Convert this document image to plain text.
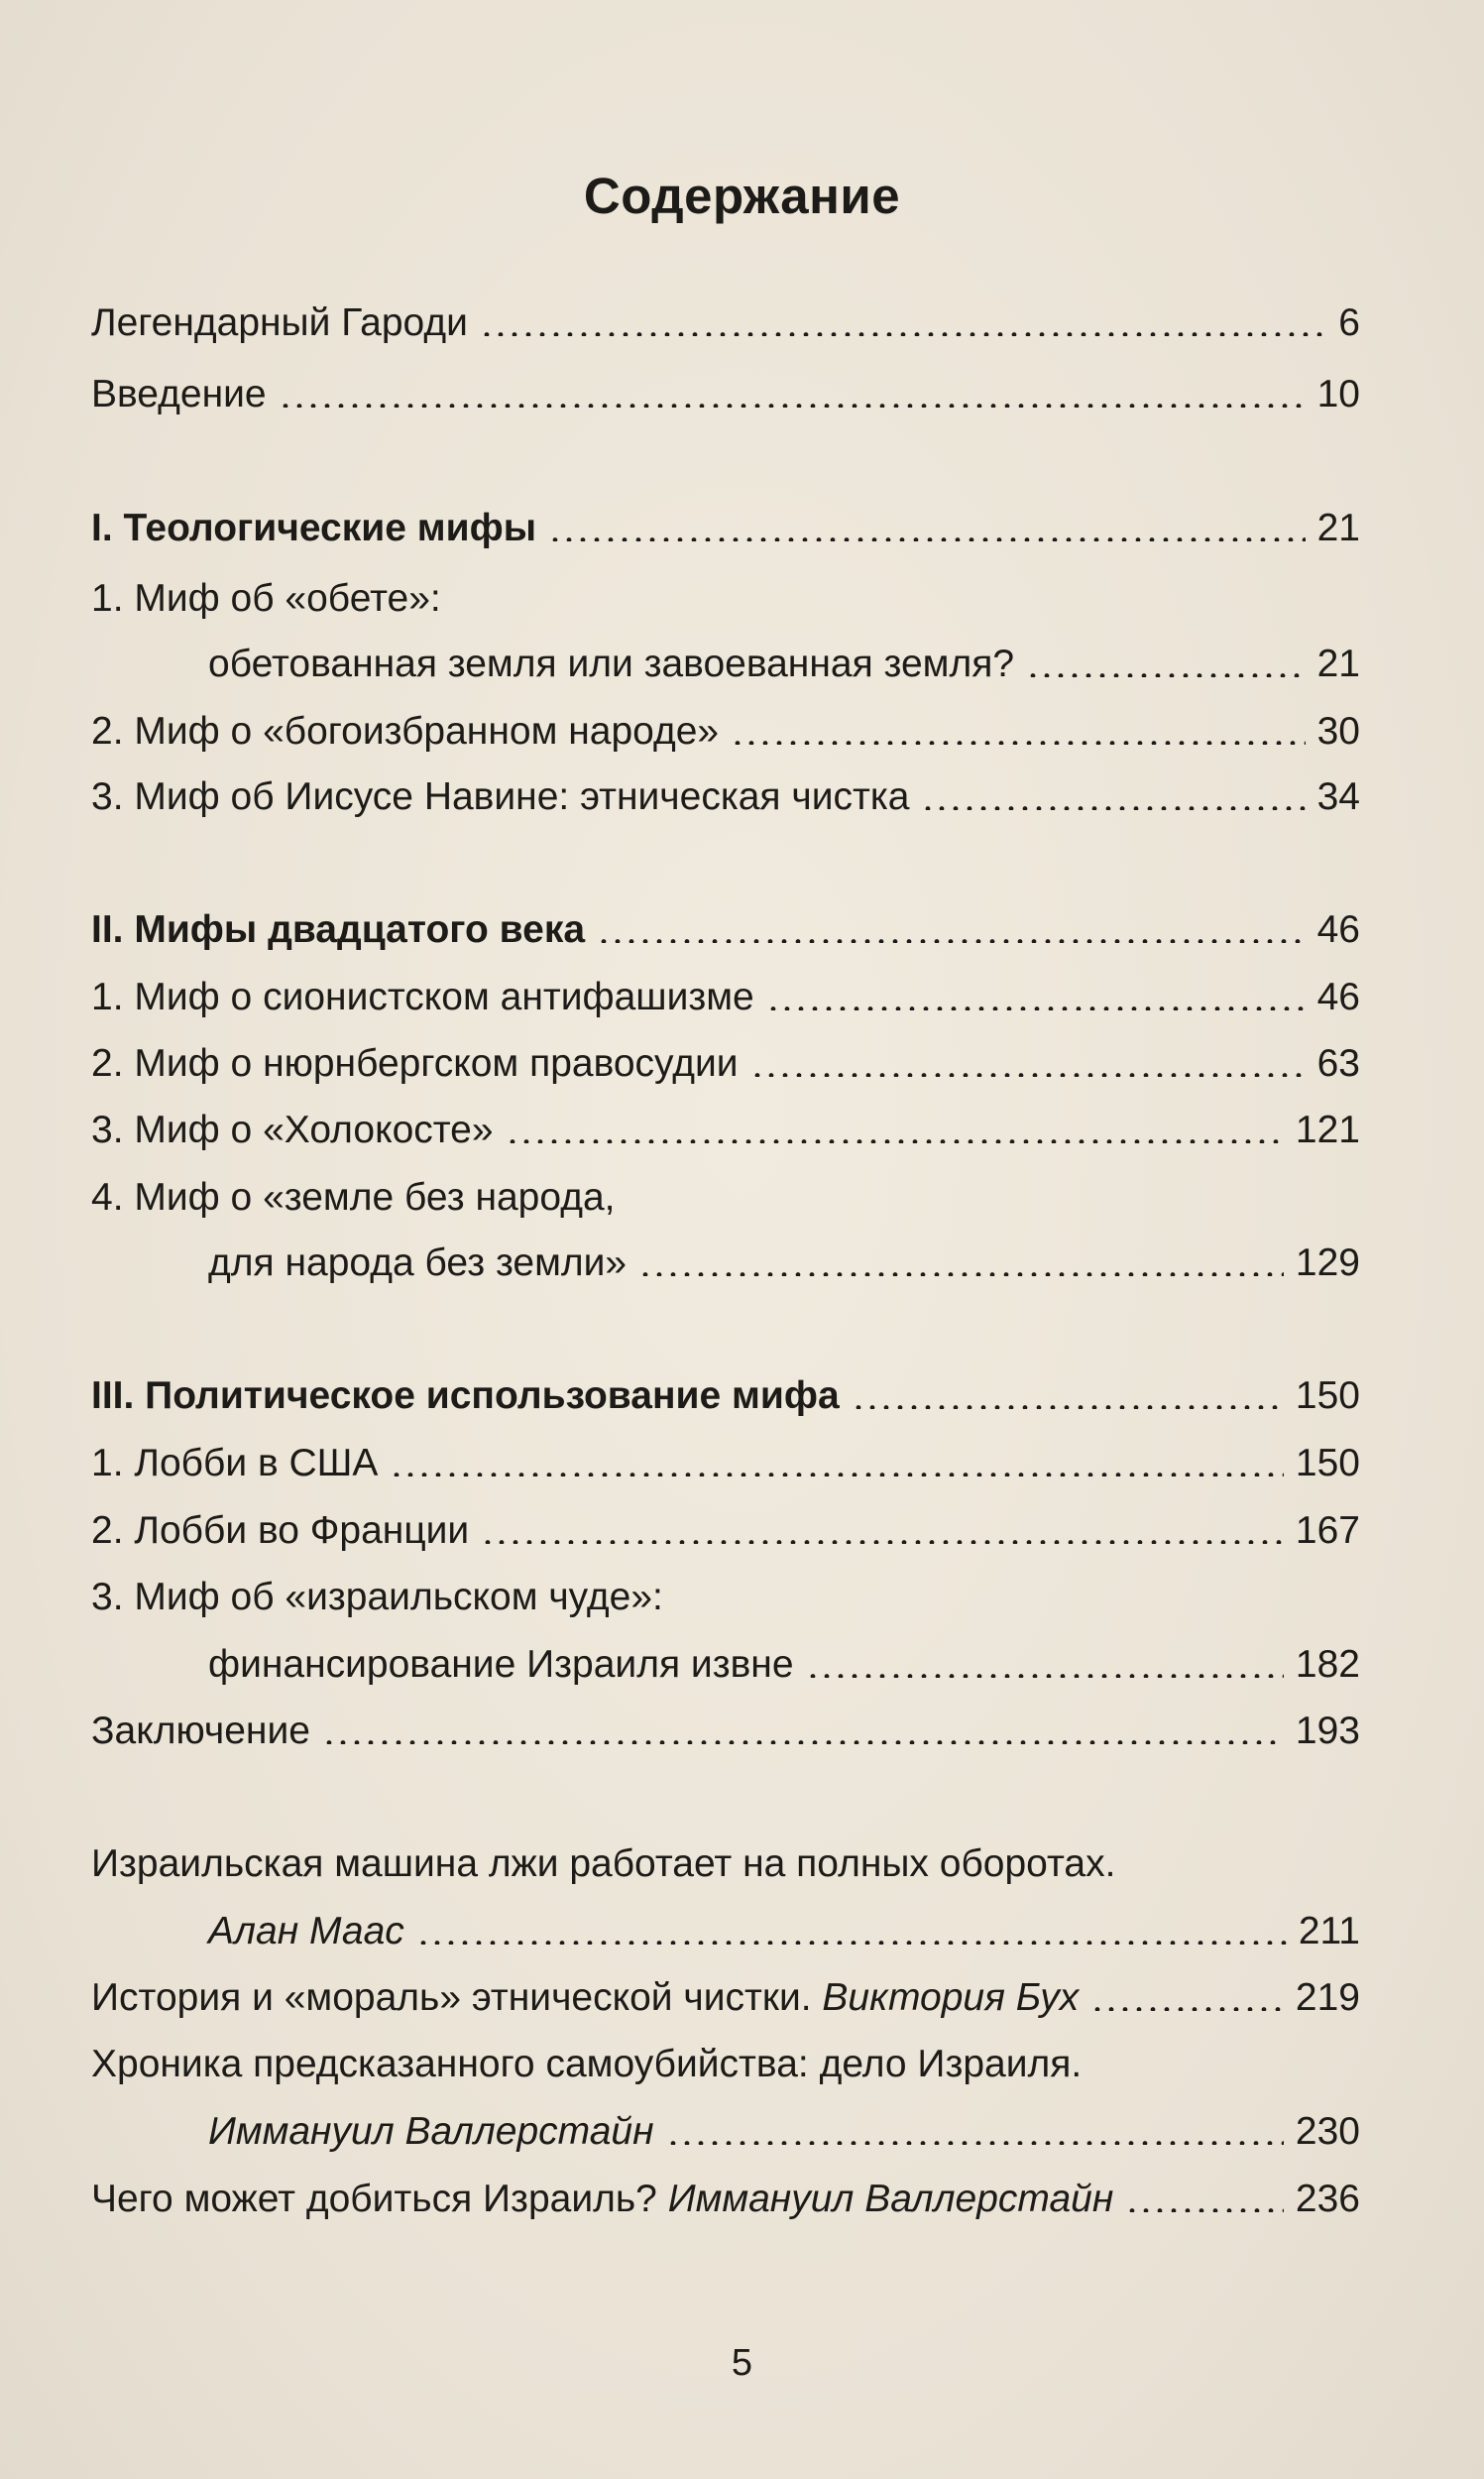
Содержание
Легендарный Гароди	6
Введение	10
I. Теологические мифы	21
1. Миф об «обете»:
обетованная земля или завоеванная земля?	21
2. Миф о «богоизбранном народе»	30
3. Миф об Иисусе Навине: этническая чистка	34
II. Мифы двадцатого века	46
1. Миф о сионистском антифашизме	46
2. Миф о нюрнбергском правосудии	63
3. Миф о «Холокосте»	121
4. Миф о «земле без народа,
для народа без земли»	129
III. Политическое использование мифа	150
1. Лобби в США	150
2. Лобби во Франции	167
3. Миф об «израильском чуде»:
финансирование Израиля извне	182
Заключение	193
Израильская машина лжи работает на полных оборотах.
Алан Маас	211
История и «мораль» этнической чистки. Виктория Бух	219
Хроника предсказанного самоубийства: дело Израиля.
Иммануил Валлерстайн	230
Чего может добиться Израиль? Иммануил Валлерстайн	236
5
